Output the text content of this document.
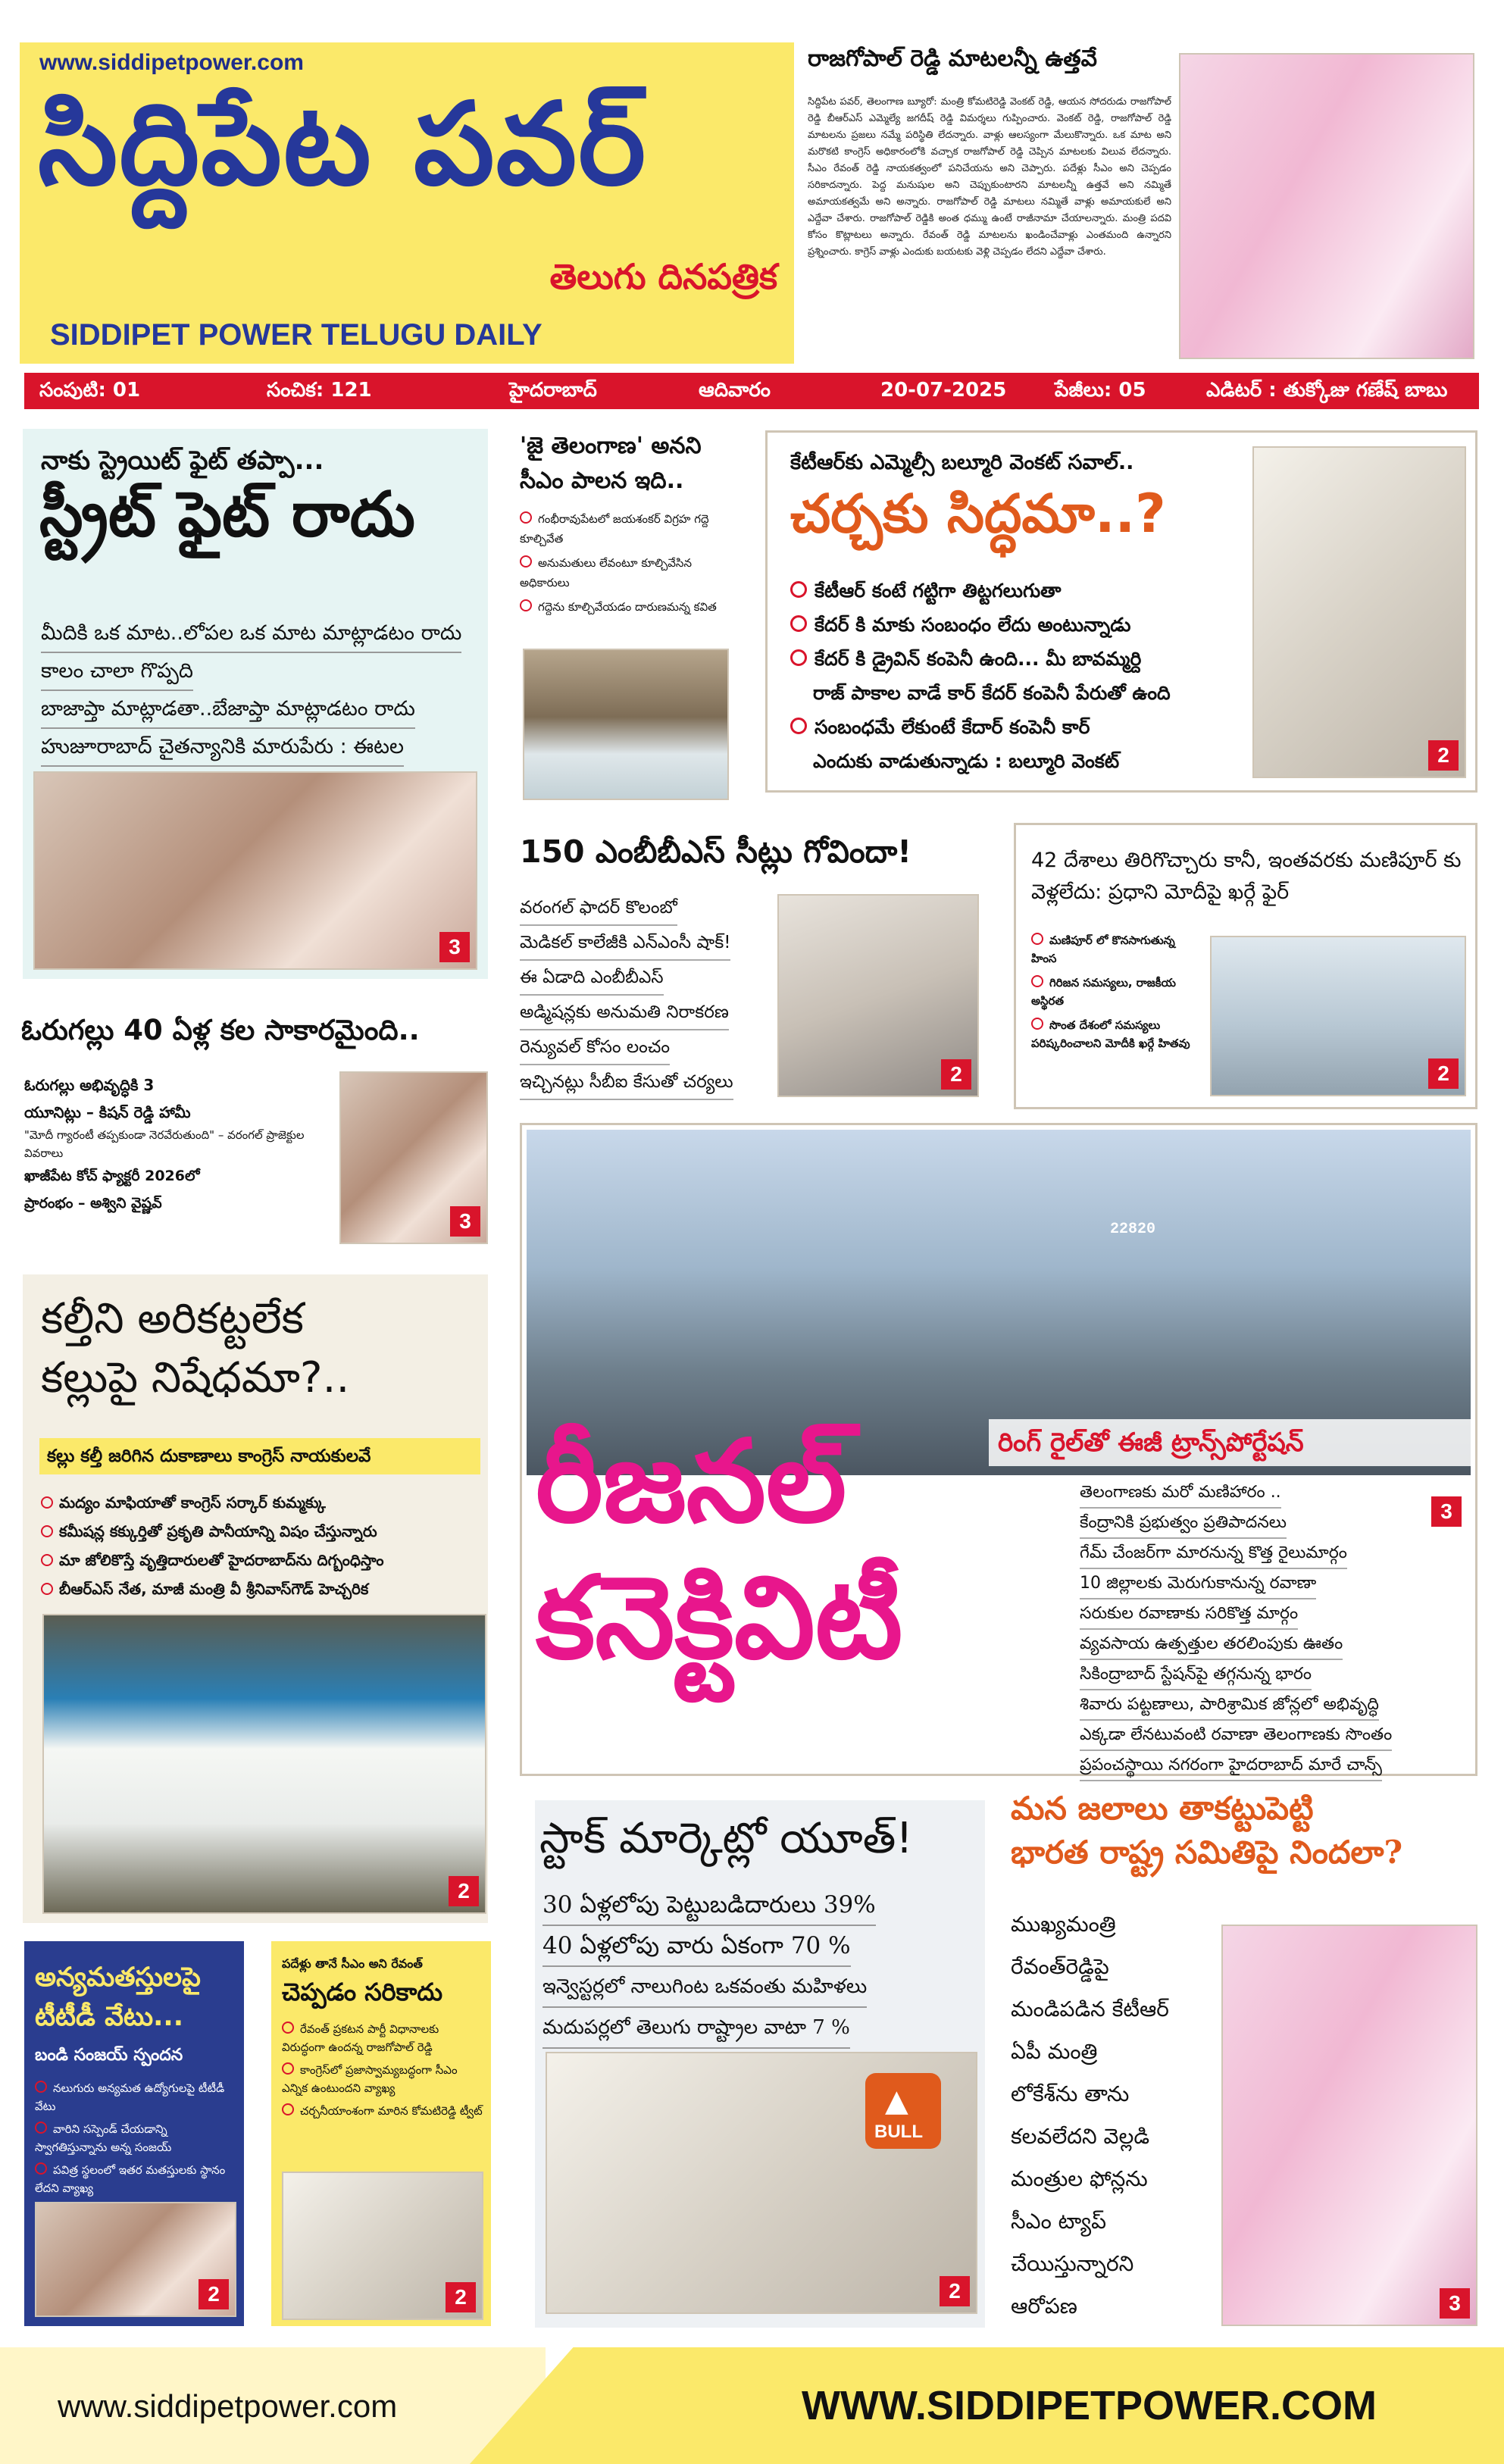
www.siddipetpower.com
సిద్దిపేట పవర్
తెలుగు దినపత్రిక
SIDDIPET POWER TELUGU DAILY
రాజగోపాల్ రెడ్డి మాటలన్నీ ఉత్తవే
సిద్దిపేట పవర్, తెలంగాణ బ్యూరో: మంత్రి కోమటిరెడ్డి వెంకట్ రెడ్డి, ఆయన సోదరుడు రాజగోపాల్ రెడ్డి బీఆర్ఎస్ ఎమ్మెల్యే జగదీష్ రెడ్డి విమర్శలు గుప్పించారు. వెంకట్ రెడ్డి, రాజగోపాల్ రెడ్డి మాటలను ప్రజలు నమ్మే పరిస్థితి లేదన్నారు. వాళ్లు ఆలస్యంగా మేలుకొన్నారు. ఒక మాట అని మరొకటి కాంగ్రెస్ అధికారంలోకి వచ్చాక రాజగోపాల్ రెడ్డి చెప్పిన మాటలకు విలువ లేదన్నారు. సీఎం రేవంత్ రెడ్డి నాయకత్వంలో పనిచేయను అని చెప్పారు. పదేళ్లు సీఎం అని చెప్పడం సరికాదన్నారు. పెద్ద మనుషుల అని చెప్పుకుంటారని మాటలన్నీ ఉత్తవే అని నమ్మితే అమాయకత్వమే అని అన్నారు. రాజగోపాల్ రెడ్డి మాటలు నమ్మితే వాళ్లు అమాయకులే అని ఎద్దేవా చేశారు. రాజగోపాల్ రెడ్డికి అంత ధమ్ము ఉంటే రాజీనామా చేయాలన్నారు. మంత్రి పదవి కోసం కొట్లాటలు అన్నారు. రేవంత్ రెడ్డి మాటలను ఖండించేవాళ్లు ఎంతమంది ఉన్నారని ప్రశ్నించారు. కాగ్రెస్ వాళ్లు ఎందుకు బయటకు వెళ్లి చెప్పడం లేదని ఎద్దేవా చేశారు.
సంపుటి: 01	సంచిక: 121	హైదరాబాద్	ఆదివారం	20-07-2025 పేజీలు: 05	ఎడిటర్ : తుక్కోజు గణేష్ బాబు
నాకు స్ట్రెయిట్ ఫైట్ తప్పా...
స్ట్రీట్ ఫైట్ రాదు
మీదికి ఒక మాట..లోపల ఒక మాట మాట్లాడటం రాదు
కాలం చాలా గొప్పది
బాజాప్తా మాట్లాడతా..బేజాప్తా మాట్లాడటం రాదు
హుజూరాబాద్ చైతన్యానికి మారుపేరు : ఈటల
3
'జై తెలంగాణ' అనని సీఎం పాలన ఇది..
గంభీరావుపేటలో జయశంకర్ విగ్రహ గద్దె కూల్చివేత
అనుమతులు లేవంటూ కూల్చివేసిన అధికారులు
గద్దెను కూల్చివేయడం దారుణమన్న కవిత
కేటీఆర్‌కు ఎమ్మెల్సీ బల్మూరి వెంకట్ సవాల్..
చర్చకు సిద్ధమా..?
కేటీఆర్ కంటే గట్టిగా తిట్టగలుగుతా
కేదర్ కి మాకు సంబంధం లేదు అంటున్నాడు
కేదర్ కి డ్రైవిన్ కంపెనీ ఉంది... మీ బావమ్మర్ది
రాజ్ పాకాల వాడే కార్ కేదర్ కంపెనీ పేరుతో ఉంది
సంబంధమే లేకుంటే కేదార్ కంపెనీ కార్
ఎందుకు వాడుతున్నాడు : బల్మూరి వెంకట్	2
150 ఎంబీబీఎస్ సీట్లు గోవిందా!
వరంగల్ ఫాదర్ కొలంబో
మెడికల్ కాలేజీకి ఎన్ఎంసీ షాక్!
ఈ ఏడాది ఎంబీబీఎస్
అడ్మిషన్లకు అనుమతి నిరాకరణ
రెన్యువల్ కోసం లంచం
ఇచ్చినట్లు సీబీఐ కేసుతో చర్యలు	2
42 దేశాలు తిరిగొచ్చారు కానీ, ఇంతవరకు మణిపూర్ కు వెళ్లలేదు: ప్రధాని మోదీపై ఖర్గే ఫైర్
మణిపూర్ లో కొనసాగుతున్న హింస
గిరిజన సమస్యలు, రాజకీయ అస్థిరత
సొంత దేశంలో సమస్యలు పరిష్కరించాలని మోదీకి ఖర్గే హితవు
2
ఓరుగల్లు 40 ఏళ్ల కల సాకారమైంది..
ఓరుగల్లు అభివృద్ధికి 3
యూనిట్లు – కిషన్ రెడ్డి హామీ
"మోదీ గ్యారంటీ తప్పకుండా నెరవేరుతుంది" – వరంగల్ ప్రాజెక్టుల వివరాలు
ఖాజీపేట కోచ్ ఫ్యాక్టరీ 2026లో
ప్రారంభం – అశ్విని వైష్ణవ్
3
కల్తీని అరికట్టలేక
కల్లుపై నిషేధమా?..
కల్లు కల్తీ జరిగిన దుకాణాలు కాంగ్రెస్ నాయకులవే
మద్యం మాఫియాతో కాంగ్రెస్ సర్కార్ కుమ్మక్కు
కమీషన్ల కక్కుర్తితో ప్రకృతి పానీయాన్ని విషం చేస్తున్నారు
మా జోలికొస్తే వృత్తిదారులతో హైదరాబాద్‌ను దిగ్బంధిస్తాం
బీఆర్ఎస్ నేత, మాజీ మంత్రి వీ శ్రీనివాస్‌గౌడ్ హెచ్చరిక
2
22820
రీజనల్
కనెక్టివిటీ
రింగ్ రైల్‌తో ఈజీ ట్రాన్స్‌పోర్టేషన్
తెలంగాణకు మరో మణిహారం ..
కేంద్రానికి ప్రభుత్వం ప్రతిపాదనలు
గేమ్ చేంజర్‌గా మారనున్న కొత్త రైలుమార్గం
10 జిల్లాలకు మెరుగుకానున్న రవాణా
సరుకుల రవాణాకు సరికొత్త మార్గం
వ్యవసాయ ఉత్పత్తుల తరలింపుకు ఊతం
సికింద్రాబాద్ స్టేషన్‌పై తగ్గనున్న భారం
శివారు పట్టణాలు, పారిశ్రామిక జోన్లలో అభివృద్ధి
ఎక్కడా లేనటువంటి రవాణా తెలంగాణకు సొంతం
ప్రపంచస్థాయి నగరంగా హైదరాబాద్ మారే చాన్స్
3
స్టాక్ మార్కెట్లో యూత్!
30 ఏళ్లలోపు పెట్టుబడిదారులు 39%
40 ఏళ్లలోపు వారు ఏకంగా 70 %
ఇన్వెస్టర్లలో నాలుగింట ఒకవంతు మహిళలు
మదుపర్లలో తెలుగు రాష్ట్రాల వాటా 7 %
▲
BULL
2
మన జలాలు తాకట్టుపెట్టి
భారత రాష్ట్ర సమితిపై నిందలా?
ముఖ్యమంత్రి
రేవంత్‌రెడ్డిపై
మండిపడిన కేటీఆర్
ఏపీ మంత్రి
లోకేశ్‌ను తాను
కలవలేదని వెల్లడి
మంత్రుల ఫోన్లను
సీఎం ట్యాప్
చేయిస్తున్నారని
ఆరోపణ	3
అన్యమతస్తులపై టీటీడీ వేటు...
బండి సంజయ్ స్పందన
నలుగురు అన్యమత ఉద్యోగులపై టీటీడీ వేటు
వారిని సస్పెండ్ చేయడాన్ని స్వాగతిస్తున్నాను అన్న సంజయ్
పవిత్ర స్థలంలో ఇతర మతస్తులకు స్థానం లేదని వ్యాఖ్య
2
పదేళ్లు తానే సీఎం అని రేవంత్
చెప్పడం సరికాదు
రేవంత్ ప్రకటన పార్టీ విధానాలకు విరుద్ధంగా ఉందన్న రాజగోపాల్ రెడ్డి
కాంగ్రెస్‌లో ప్రజాస్వామ్యబద్ధంగా సీఎం ఎన్నిక ఉంటుందని వ్యాఖ్య
చర్చనీయాంశంగా మారిన కోమటిరెడ్డి ట్వీట్
2
www.siddipetpower.com	WWW.SIDDIPETPOWER.COM
